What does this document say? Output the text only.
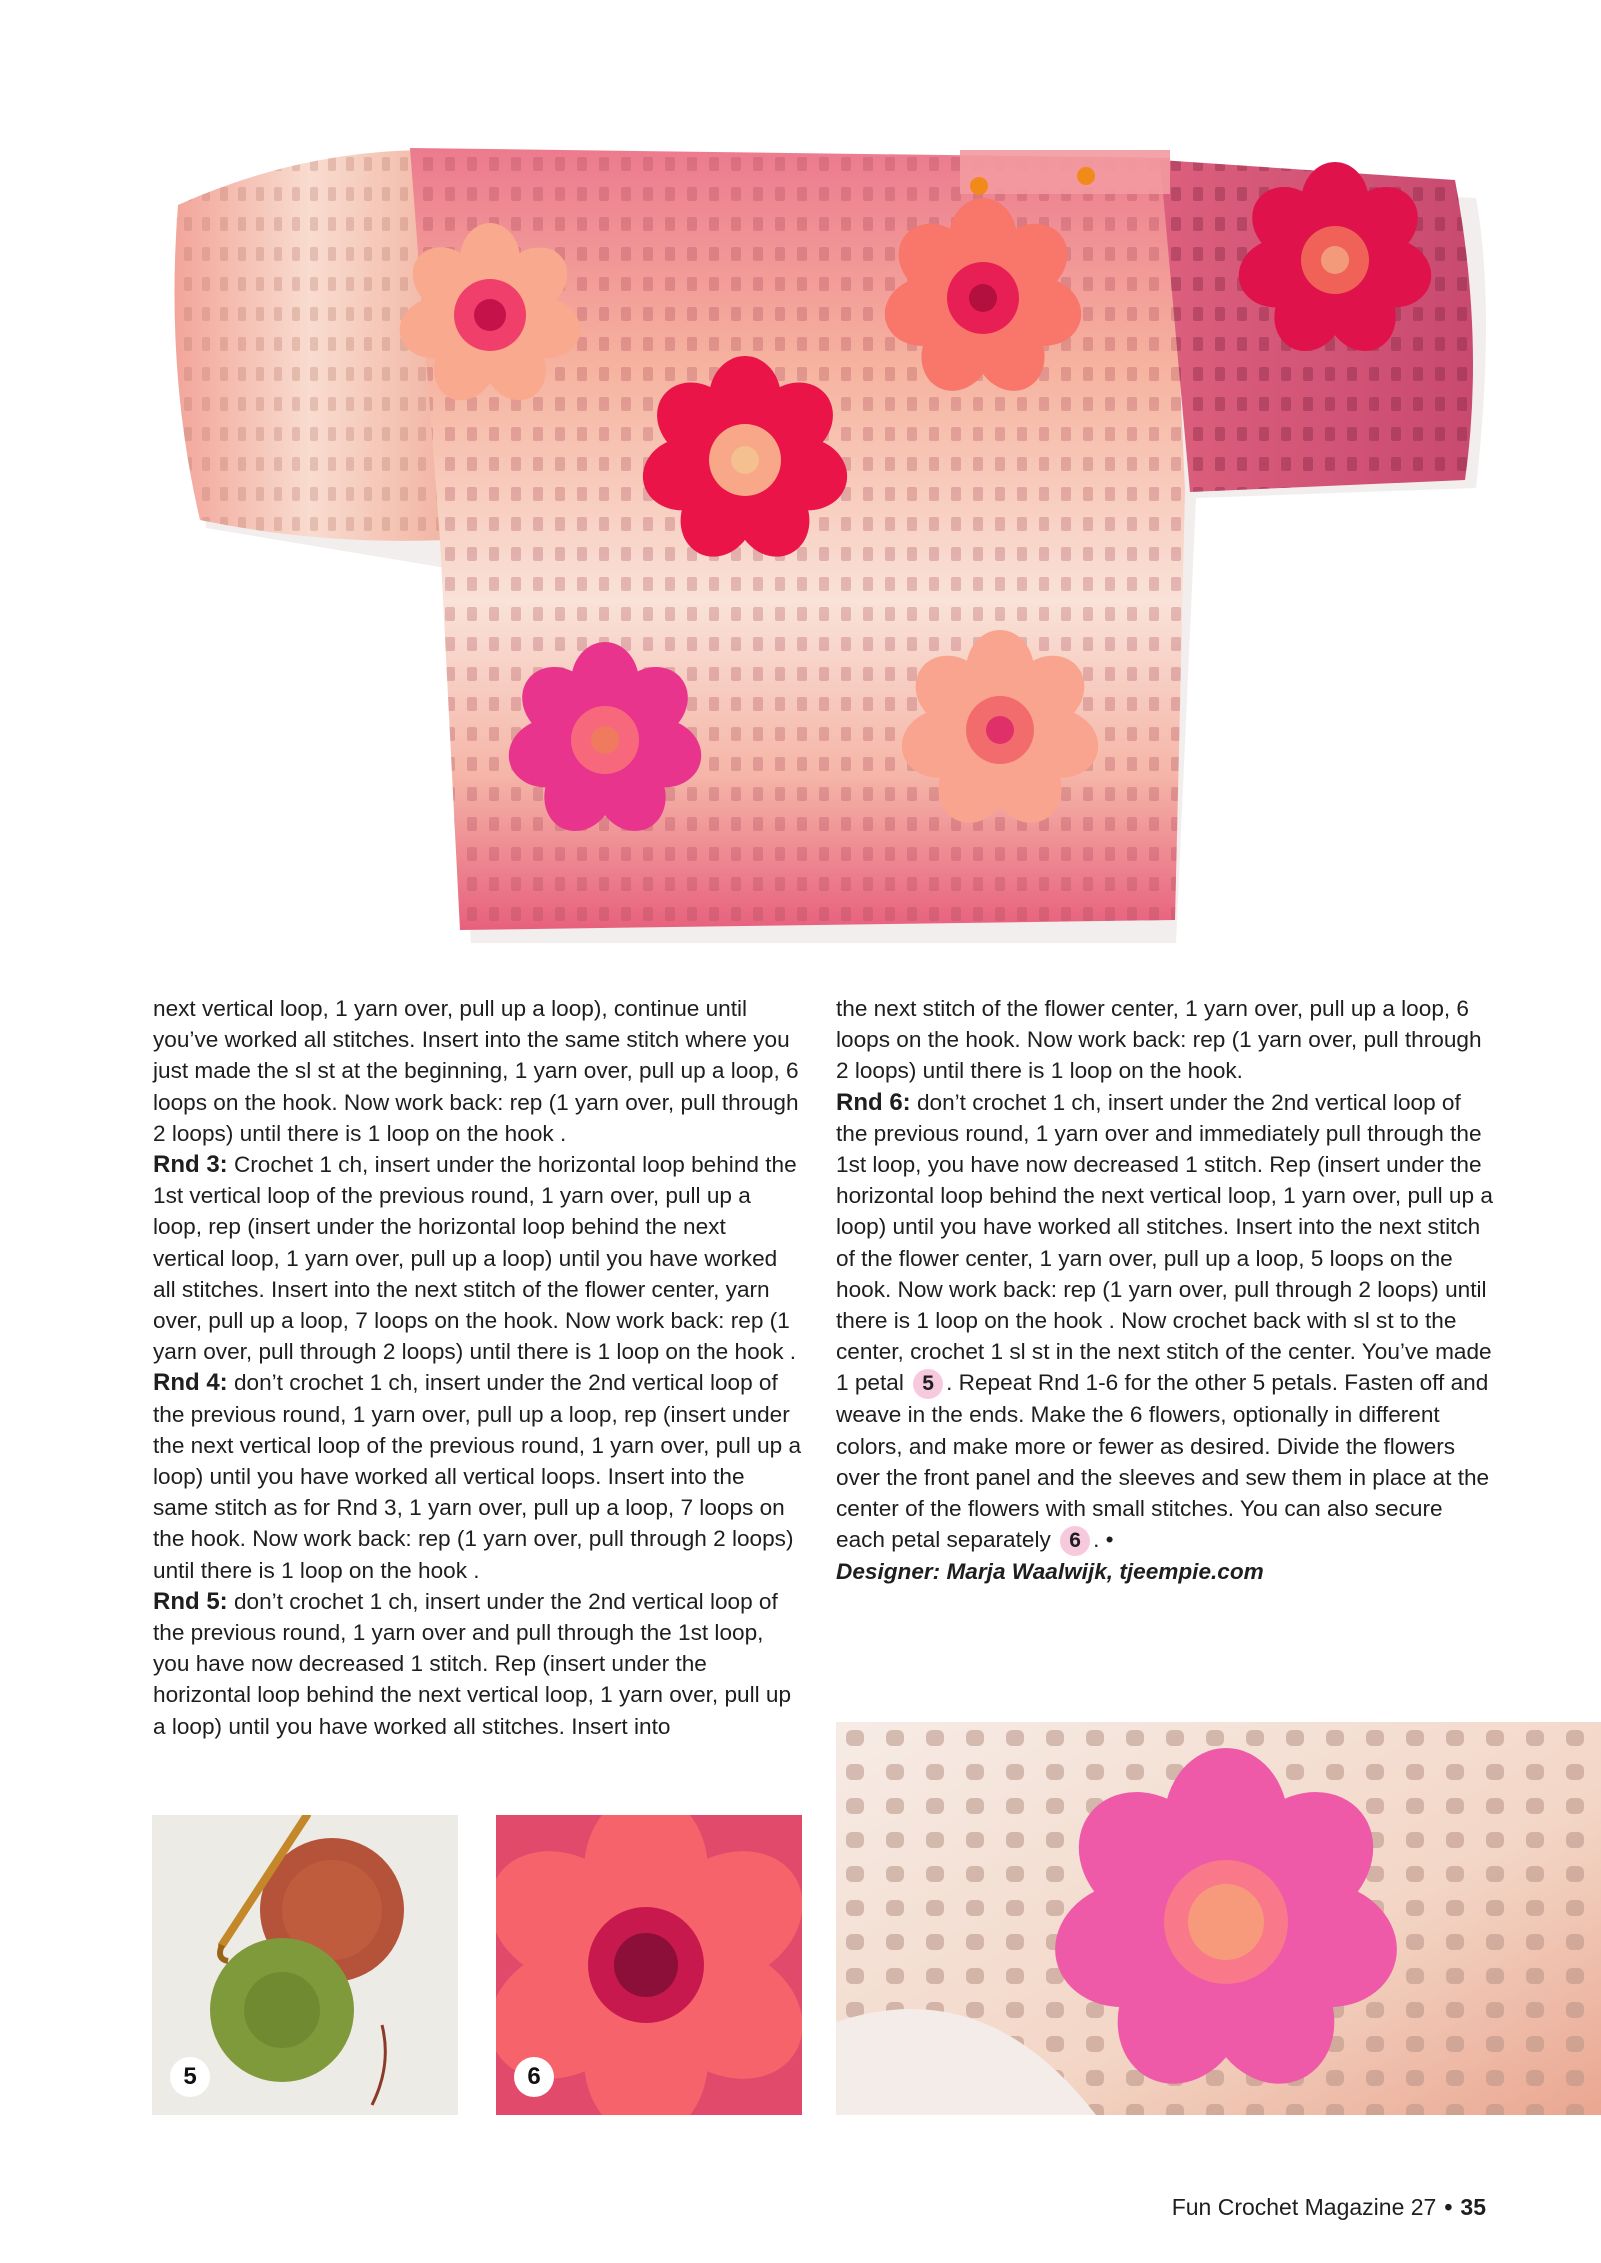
next vertical loop, 1 yarn over, pull up a loop), continue until you’ve worked all stitches. Insert into the same stitch where you just made the sl st at the beginning, 1 yarn over, pull up a loop, 6 loops on the hook. Now work back: rep (1 yarn over, pull through 2 loops) until there is 1 loop on the hook .

Rnd 3: Crochet 1 ch, insert under the horizontal loop behind the 1st vertical loop of the previous round, 1 yarn over, pull up a loop, rep (insert under the horizontal loop behind the next vertical loop, 1 yarn over, pull up a loop) until you have worked all stitches. Insert into the next stitch of the flower center, yarn over, pull up a loop, 7 loops on the hook. Now work back: rep (1 yarn over, pull through 2 loops) until there is 1 loop on the hook .

Rnd 4: don’t crochet 1 ch, insert under the 2nd vertical loop of the previous round, 1 yarn over, pull up a loop, rep (insert under the next vertical loop of the previous round, 1 yarn over, pull up a loop) until you have worked all vertical loops. Insert into the same stitch as for Rnd 3, 1 yarn over, pull up a loop, 7 loops on the hook. Now work back: rep (1 yarn over, pull through 2 loops) until there is 1 loop on the hook .

Rnd 5: don’t crochet 1 ch, insert under the 2nd vertical loop of the previous round, 1 yarn over and pull through the 1st loop, you have now decreased 1 stitch. Rep (insert under the horizontal loop behind the next vertical loop, 1 yarn over, pull up a loop) until you have worked all stitches. Insert into

the next stitch of the flower center, 1 yarn over, pull up a loop, 6 loops on the hook. Now work back: rep (1 yarn over, pull through 2 loops) until there is 1 loop on the hook.

Rnd 6: don’t crochet 1 ch, insert under the 2nd vertical loop of the previous round, 1 yarn over and immediately pull through the 1st loop, you have now decreased 1 stitch. Rep (insert under the horizontal loop behind the next vertical loop, 1 yarn over, pull up a loop) until you have worked all stitches. Insert into the next stitch of the flower center, 1 yarn over, pull up a loop, 5 loops on the hook. Now work back: rep (1 yarn over, pull through 2 loops) until there is 1 loop on the hook . Now crochet back with sl st to the center, crochet 1 sl st in the next stitch of the center. You’ve made 1 petal 5 . Repeat Rnd 1-6 for the other 5 petals. Fasten off and weave in the ends. Make the 6 flowers, optionally in different colors, and make more or fewer as desired. Divide the flowers over the front panel and the sleeves and sew them in place at the center of the flowers with small stitches. You can also secure each petal separately 6 . •

Designer: Marja Waalwijk, tjeempie.com

5	6
Fun Crochet Magazine 27 • 35
